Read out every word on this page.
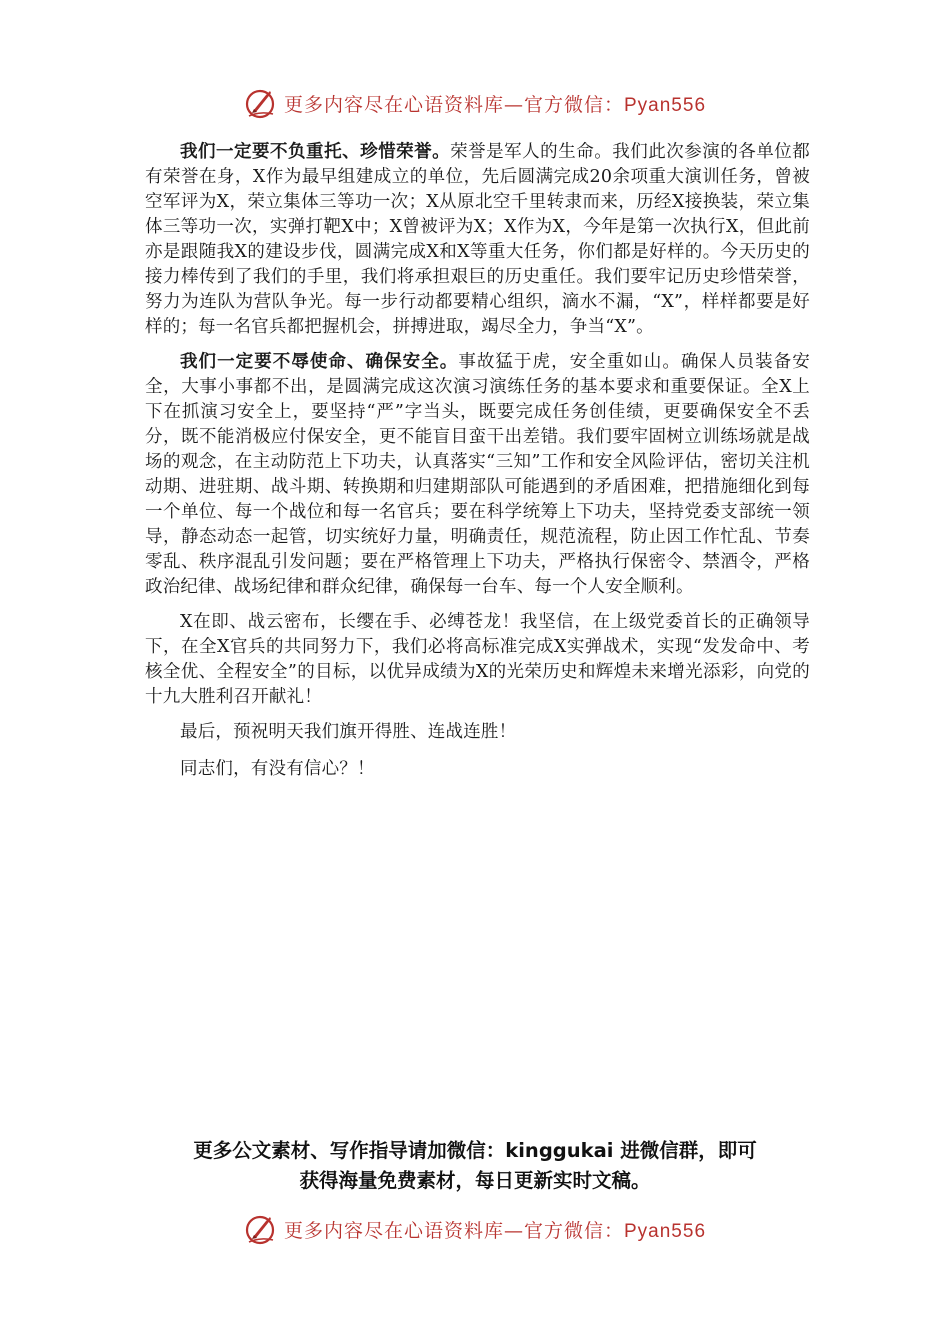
更多内容尽在心语资料库—官方微信：Pyan556

我们一定要不负重托、珍惜荣誉。荣誉是军人的生命。我们此次参演的各单位都有荣誉在身，X作为最早组建成立的单位，先后圆满完成20余项重大演训任务，曾被空军评为X，荣立集体三等功一次；X从原北空千里转隶而来，历经X接换装，荣立集体三等功一次，实弹打靶X中；X曾被评为X；X作为X，今年是第一次执行X，但此前亦是跟随我X的建设步伐，圆满完成X和X等重大任务，你们都是好样的。今天历史的接力棒传到了我们的手里，我们将承担艰巨的历史重任。我们要牢记历史珍惜荣誉，努力为连队为营队争光。每一步行动都要精心组织，滴水不漏，“X”，样样都要是好样的；每一名官兵都把握机会，拼搏进取，竭尽全力，争当“X”。

我们一定要不辱使命、确保安全。事故猛于虎，安全重如山。确保人员装备安全，大事小事都不出，是圆满完成这次演习演练任务的基本要求和重要保证。全X上下在抓演习安全上，要坚持“严”字当头，既要完成任务创佳绩，更要确保安全不丢分，既不能消极应付保安全，更不能盲目蛮干出差错。我们要牢固树立训练场就是战场的观念，在主动防范上下功夫，认真落实“三知”工作和安全风险评估，密切关注机动期、进驻期、战斗期、转换期和归建期部队可能遇到的矛盾困难，把措施细化到每一个单位、每一个战位和每一名官兵；要在科学统筹上下功夫，坚持党委支部统一领导，静态动态一起管，切实统好力量，明确责任，规范流程，防止因工作忙乱、节奏零乱、秩序混乱引发问题；要在严格管理上下功夫，严格执行保密令、禁酒令，严格政治纪律、战场纪律和群众纪律，确保每一台车、每一个人安全顺利。

X在即、战云密布，长缨在手、必缚苍龙！我坚信，在上级党委首长的正确领导下，在全X官兵的共同努力下，我们必将高标准完成X实弹战术，实现“发发命中、考核全优、全程安全”的目标，以优异成绩为X的光荣历史和辉煌未来增光添彩，向党的十九大胜利召开献礼！

最后，预祝明天我们旗开得胜、连战连胜！

同志们，有没有信心？！

更多公文素材、写作指导请加微信：kinggukai 进微信群，即可
获得海量免费素材，每日更新实时文稿。
更多内容尽在心语资料库—官方微信：Pyan556
